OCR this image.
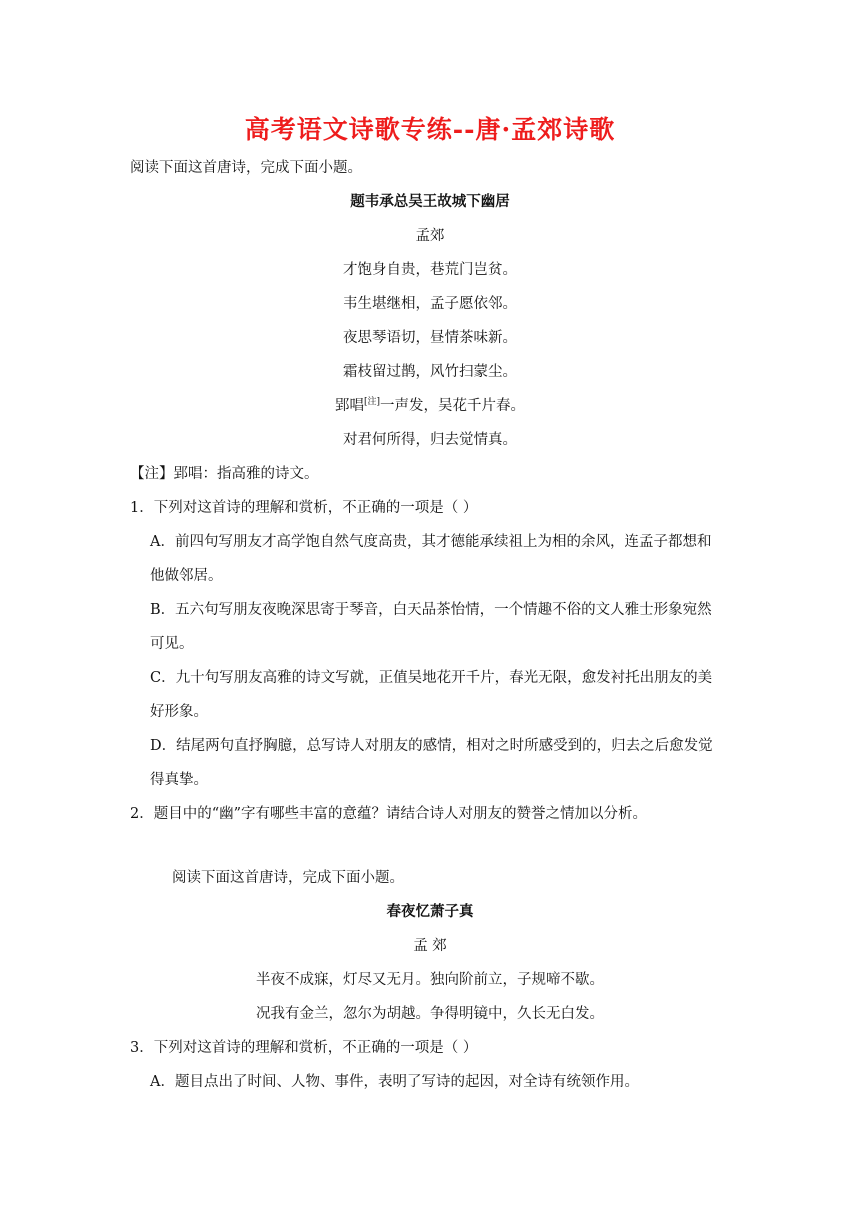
高考语文诗歌专练--唐·孟郊诗歌
阅读下面这首唐诗，完成下面小题。
题韦承总吴王故城下幽居
孟郊
才饱身自贵，巷荒门岂贫。
韦生堪继相，孟子愿依邻。
夜思琴语切，昼情茶味新。
霜枝留过鹊，风竹扫蒙尘。
郢唱[注]一声发，吴花千片春。
对君何所得，归去觉情真。
【注】郢唱：指高雅的诗文。
1．下列对这首诗的理解和赏析，不正确的一项是（ ）
A．前四句写朋友才高学饱自然气度高贵，其才德能承续祖上为相的余风，连孟子都想和
他做邻居。
B．五六句写朋友夜晚深思寄于琴音，白天品茶怡情，一个情趣不俗的文人雅士形象宛然
可见。
C．九十句写朋友高雅的诗文写就，正值吴地花开千片，春光无限，愈发衬托出朋友的美
好形象。
D．结尾两句直抒胸臆，总写诗人对朋友的感情，相对之时所感受到的，归去之后愈发觉
得真挚。
2．题目中的“幽”字有哪些丰富的意蕴？请结合诗人对朋友的赞誉之情加以分析。
阅读下面这首唐诗，完成下面小题。
春夜忆萧子真
孟 郊
半夜不成寐，灯尽又无月。独向阶前立，子规啼不歇。
况我有金兰，忽尔为胡越。争得明镜中，久长无白发。
3．下列对这首诗的理解和赏析，不正确的一项是（ ）
A．题目点出了时间、人物、事件，表明了写诗的起因，对全诗有统领作用。
